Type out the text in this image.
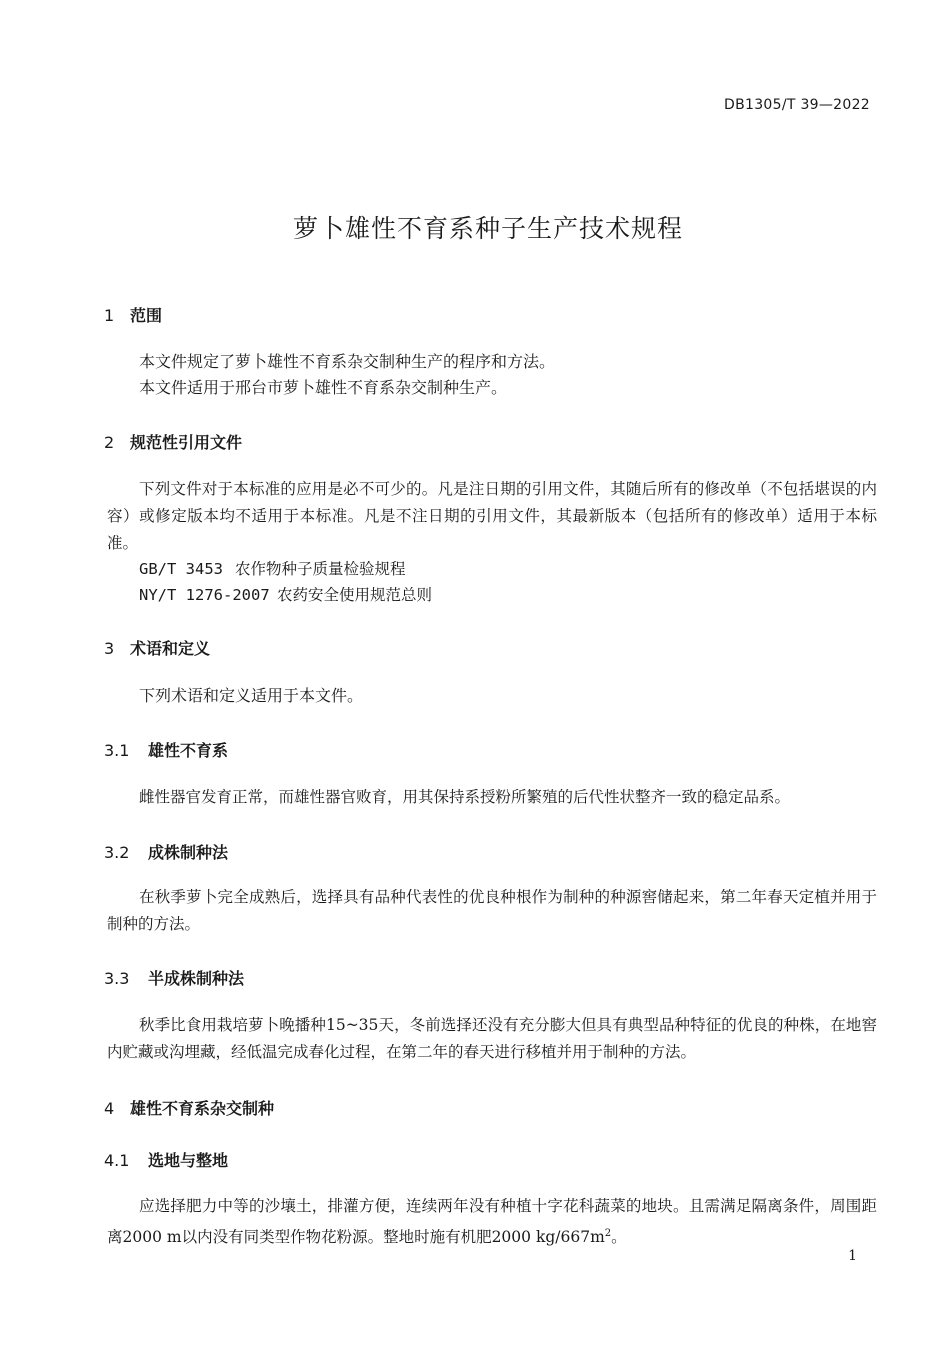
DB1305/T 39—2022
萝卜雄性不育系种子生产技术规程
1 范围
本文件规定了萝卜雄性不育系杂交制种生产的程序和方法。
本文件适用于邢台市萝卜雄性不育系杂交制种生产。
2 规范性引用文件
下列文件对于本标准的应用是必不可少的。凡是注日期的引用文件，其随后所有的修改单（不包括堪误的内容）或修定版本均不适用于本标准。凡是不注日期的引用文件，其最新版本（包括所有的修改单）适用于本标准。
GB/T 3453 农作物种子质量检验规程
NY/T 1276-2007 农药安全使用规范总则
3 术语和定义
下列术语和定义适用于本文件。
3.1 雄性不育系
雌性器官发育正常，而雄性器官败育，用其保持系授粉所繁殖的后代性状整齐一致的稳定品系。
3.2 成株制种法
在秋季萝卜完全成熟后，选择具有品种代表性的优良种根作为制种的种源窖储起来，第二年春天定植并用于制种的方法。
3.3 半成株制种法
秋季比食用栽培萝卜晚播种15~35天，冬前选择还没有充分膨大但具有典型品种特征的优良的种株，在地窖内贮藏或沟埋藏，经低温完成春化过程，在第二年的春天进行移植并用于制种的方法。
4 雄性不育系杂交制种
4.1 选地与整地
应选择肥力中等的沙壤土，排灌方便，连续两年没有种植十字花科蔬菜的地块。且需满足隔离条件，周围距离2000 m以内没有同类型作物花粉源。整地时施有机肥2000 $kg/667m^2$。
1
